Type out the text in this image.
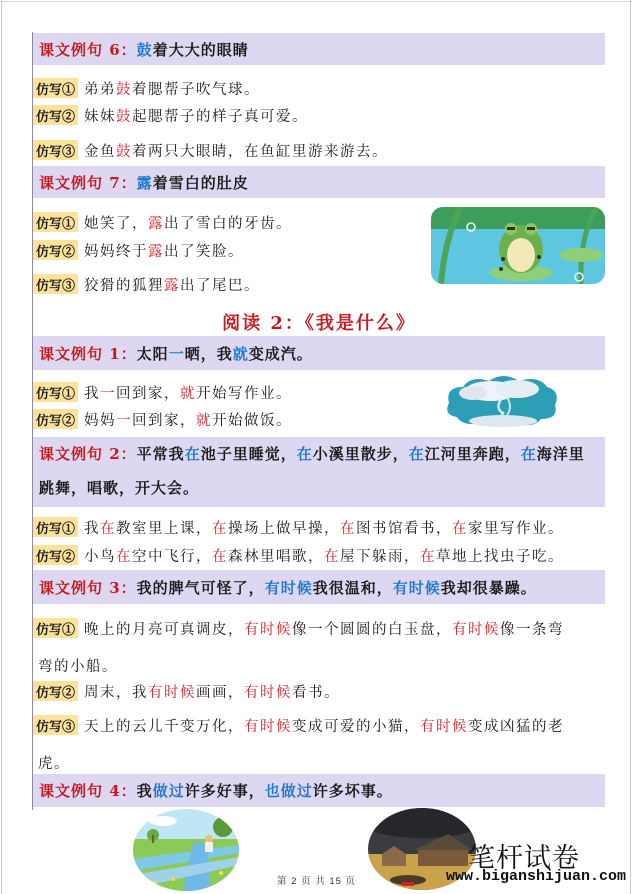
课文例句 6： 鼓着大大的眼睛
仿写① 弟弟鼓着腮帮子吹气球。
仿写② 妹妹鼓起腮帮子的样子真可爱。
仿写③ 金鱼鼓着两只大眼睛，在鱼缸里游来游去。
课文例句 7： 露着雪白的肚皮
仿写① 她笑了，露出了雪白的牙齿。
仿写② 妈妈终于露出了笑脸。
仿写③ 狡猾的狐狸露出了尾巴。
阅读 2：《我是什么》
课文例句 1： 太阳一晒，我就变成汽。
仿写① 我一回到家，就开始写作业。
仿写② 妈妈一回到家，就开始做饭。
课文例句 2：平常我在池子里睡觉，在小溪里散步，在江河里奔跑，在海洋里
跳舞，唱歌，开大会。
仿写① 我在教室里上课，在操场上做早操，在图书馆看书，在家里写作业。
仿写② 小鸟在空中飞行，在森林里唱歌，在屋下躲雨，在草地上找虫子吃。
课文例句 3： 我的脾气可怪了，有时候我很温和，有时候我却很暴躁。
仿写① 晚上的月亮可真调皮，有时候像一个圆圆的白玉盘，有时候像一条弯
弯的小船。
仿写② 周末，我有时候画画，有时候看书。
仿写③ 天上的云儿千变万化，有时候变成可爱的小猫，有时候变成凶猛的老
虎。
课文例句 4： 我做过许多好事，也做过许多坏事。
第 2 页 共 15 页
笔杆试卷
www.biganshijuan.com
